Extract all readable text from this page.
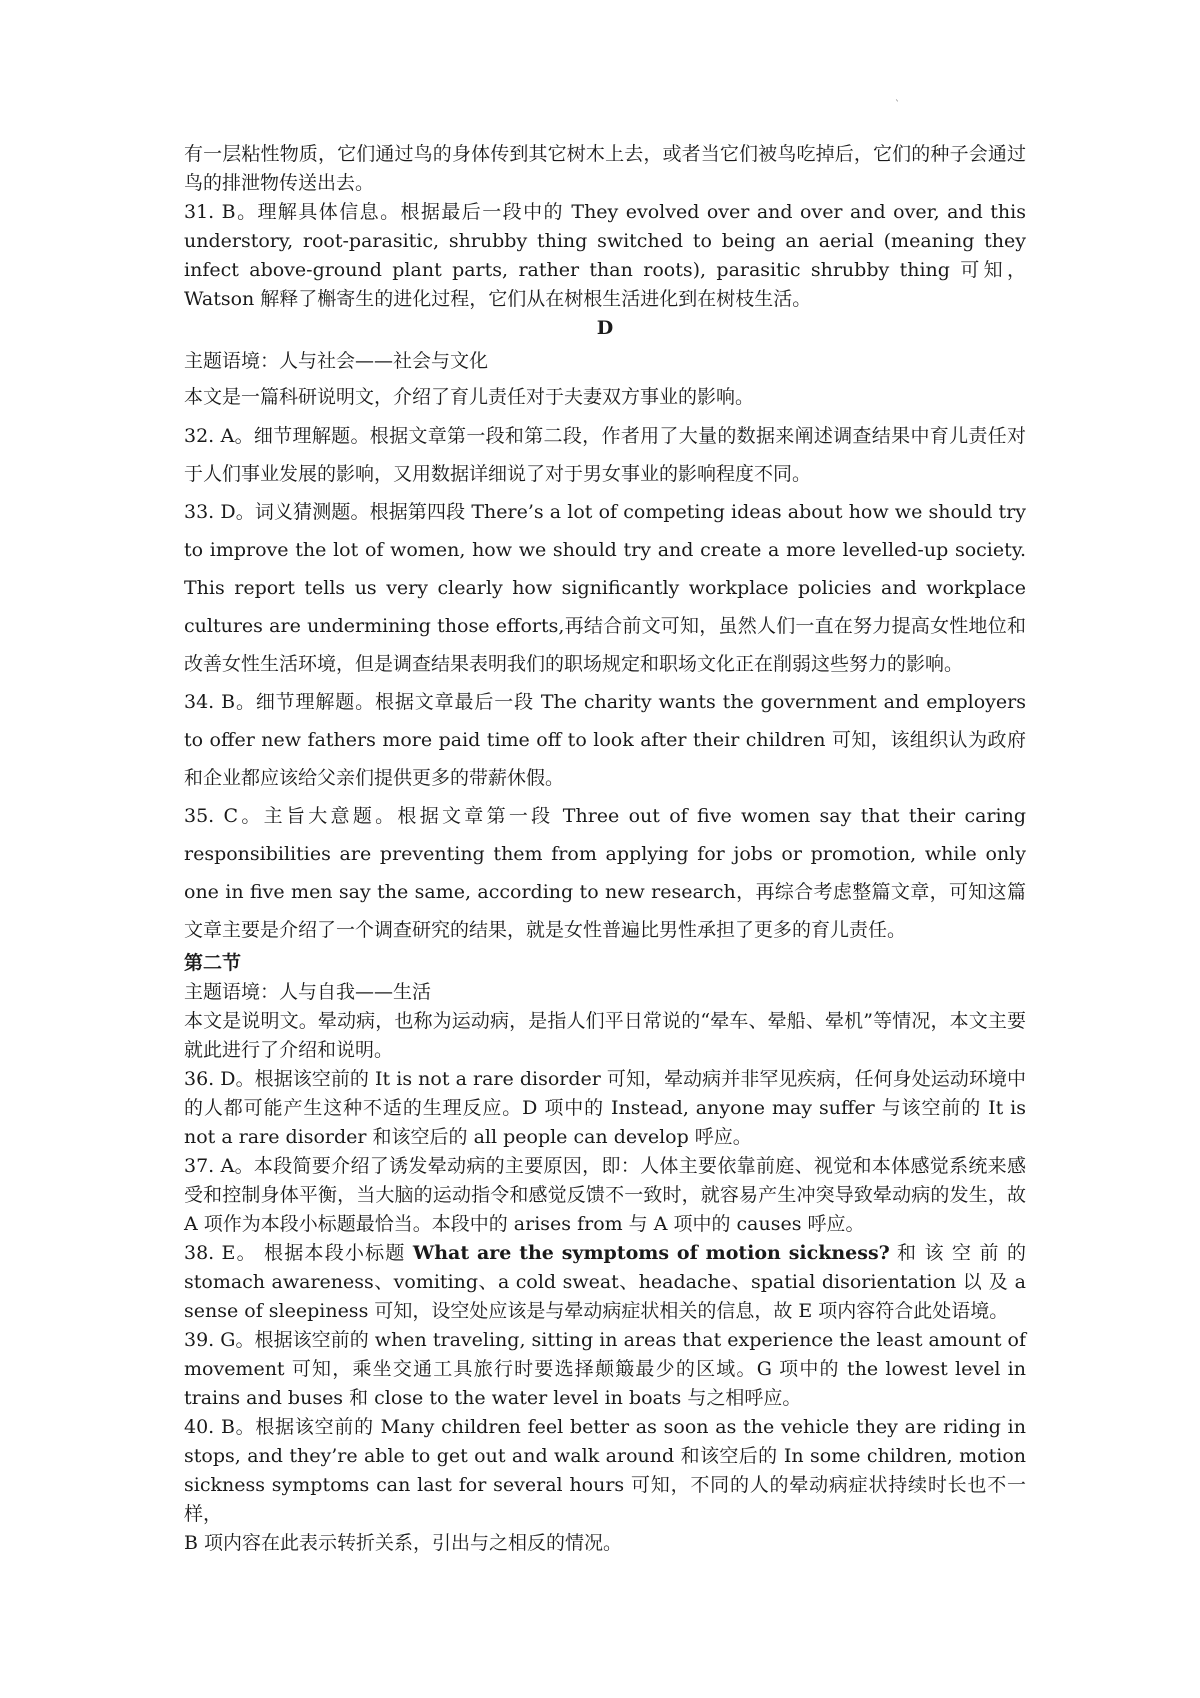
`

有一层粘性物质，它们通过鸟的身体传到其它树木上去，或者当它们被鸟吃掉后，它们的种子会通过鸟的排泄物传送出去。

31. B。理解具体信息。根据最后一段中的 They evolved over and over and over, and this understory, root-parasitic, shrubby thing switched to being an aerial (meaning they infect above-ground plant parts, rather than roots), parasitic shrubby thing 可知，Watson 解释了槲寄生的进化过程，它们从在树根生活进化到在树枝生活。

D

主题语境：人与社会——社会与文化

本文是一篇科研说明文，介绍了育儿责任对于夫妻双方事业的影响。

32. A。细节理解题。根据文章第一段和第二段，作者用了大量的数据来阐述调查结果中育儿责任对于人们事业发展的影响，又用数据详细说了对于男女事业的影响程度不同。

33. D。词义猜测题。根据第四段 There’s a lot of competing ideas about how we should try to improve the lot of women, how we should try and create a more levelled-up society. This report tells us very clearly how significantly workplace policies and workplace cultures are undermining those efforts,再结合前文可知，虽然人们一直在努力提高女性地位和改善女性生活环境，但是调查结果表明我们的职场规定和职场文化正在削弱这些努力的影响。

34. B。细节理解题。根据文章最后一段 The charity wants the government and employers to offer new fathers more paid time off to look after their children 可知，该组织认为政府和企业都应该给父亲们提供更多的带薪休假。

35. C。主旨大意题。根据文章第一段 Three out of five women say that their caring responsibilities are preventing them from applying for jobs or promotion, while only one in five men say the same, according to new research，再综合考虑整篇文章，可知这篇文章主要是介绍了一个调查研究的结果，就是女性普遍比男性承担了更多的育儿责任。

第二节

主题语境：人与自我——生活

本文是说明文。晕动病，也称为运动病，是指人们平日常说的“晕车、晕船、晕机”等情况，本文主要就此进行了介绍和说明。

36. D。根据该空前的 It is not a rare disorder 可知，晕动病并非罕见疾病，任何身处运动环境中的人都可能产生这种不适的生理反应。D 项中的 Instead, anyone may suffer 与该空前的 It is not a rare disorder 和该空后的 all people can develop 呼应。

37. A。本段简要介绍了诱发晕动病的主要原因，即：人体主要依靠前庭、视觉和本体感觉系统来感受和控制身体平衡，当大脑的运动指令和感觉反馈不一致时，就容易产生冲突导致晕动病的发生，故 A 项作为本段小标题最恰当。本段中的 arises from 与 A 项中的 causes 呼应。

38. E。 根据本段小标题 What are the symptoms of motion sickness? 和 该 空 前 的 stomach awareness、vomiting、a cold sweat、headache、spatial disorientation 以 及 a sense of sleepiness 可知，设空处应该是与晕动病症状相关的信息，故 E 项内容符合此处语境。

39. G。根据该空前的 when traveling, sitting in areas that experience the least amount of movement 可知，乘坐交通工具旅行时要选择颠簸最少的区域。G 项中的 the lowest level in trains and buses 和 close to the water level in boats 与之相呼应。

40. B。根据该空前的 Many children feel better as soon as the vehicle they are riding in stops, and they’re able to get out and walk around 和该空后的 In some children, motion sickness symptoms can last for several hours 可知，不同的人的晕动病症状持续时长也不一样，

B 项内容在此表示转折关系，引出与之相反的情况。
